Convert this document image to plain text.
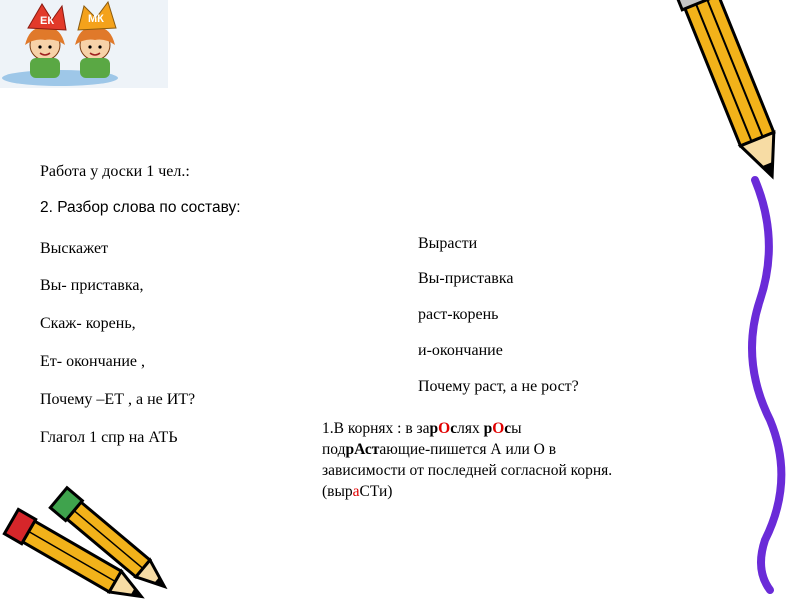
ЕК	МК
Работа у доски 1 чел.:
2. Разбор слова по составу:
Выскажет
Вы- приставка,
Скаж- корень,
Ет- окончание ,
Почему –ЕТ , а не ИТ?
Глагол 1 спр на АТЬ
Вырасти
Вы-приставка
раст-корень
и-окончание
Почему раст, а не рост?
1.В корнях : в зарОслях рОсы
подрАстающие-пишется А или О в
зависимости от последней согласной корня.
(выраСТи)
